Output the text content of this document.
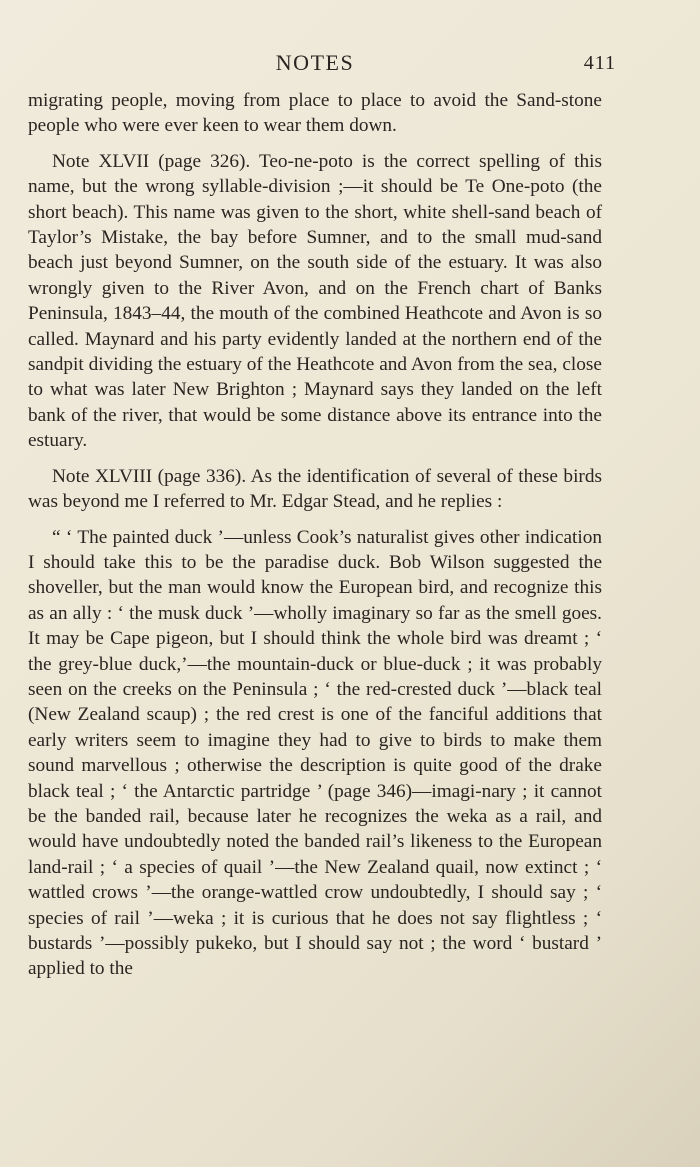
NOTES	411

migrating people, moving from place to place to avoid the Sand-stone people who were ever keen to wear them down.

Note XLVII (page 326). Teo-ne-poto is the correct spelling of this name, but the wrong syllable-division ;—it should be Te One-poto (the short beach). This name was given to the short, white shell-sand beach of Taylor’s Mistake, the bay before Sumner, and to the small mud-sand beach just beyond Sumner, on the south side of the estuary. It was also wrongly given to the River Avon, and on the French chart of Banks Peninsula, 1843–44, the mouth of the combined Heathcote and Avon is so called. Maynard and his party evidently landed at the northern end of the sandpit dividing the estuary of the Heathcote and Avon from the sea, close to what was later New Brighton ; Maynard says they landed on the left bank of the river, that would be some distance above its entrance into the estuary.

Note XLVIII (page 336). As the identification of several of these birds was beyond me I referred to Mr. Edgar Stead, and he replies :

“ ‘ The painted duck ’—unless Cook’s naturalist gives other indication I should take this to be the paradise duck. Bob Wilson suggested the shoveller, but the man would know the European bird, and recognize this as an ally : ‘ the musk duck ’—wholly imaginary so far as the smell goes. It may be Cape pigeon, but I should think the whole bird was dreamt ; ‘ the grey-blue duck,’—the mountain-duck or blue-duck ; it was probably seen on the creeks on the Peninsula ; ‘ the red-crested duck ’—black teal (New Zealand scaup) ; the red crest is one of the fanciful additions that early writers seem to imagine they had to give to birds to make them sound marvellous ; otherwise the description is quite good of the drake black teal ; ‘ the Antarctic partridge ’ (page 346)—imagi-nary ; it cannot be the banded rail, because later he recognizes the weka as a rail, and would have undoubtedly noted the banded rail’s likeness to the European land-rail ; ‘ a species of quail ’—the New Zealand quail, now extinct ; ‘ wattled crows ’—the orange-wattled crow undoubtedly, I should say ; ‘ species of rail ’—weka ; it is curious that he does not say flightless ; ‘ bustards ’—possibly pukeko, but I should say not ; the word ‘ bustard ’ applied to the
